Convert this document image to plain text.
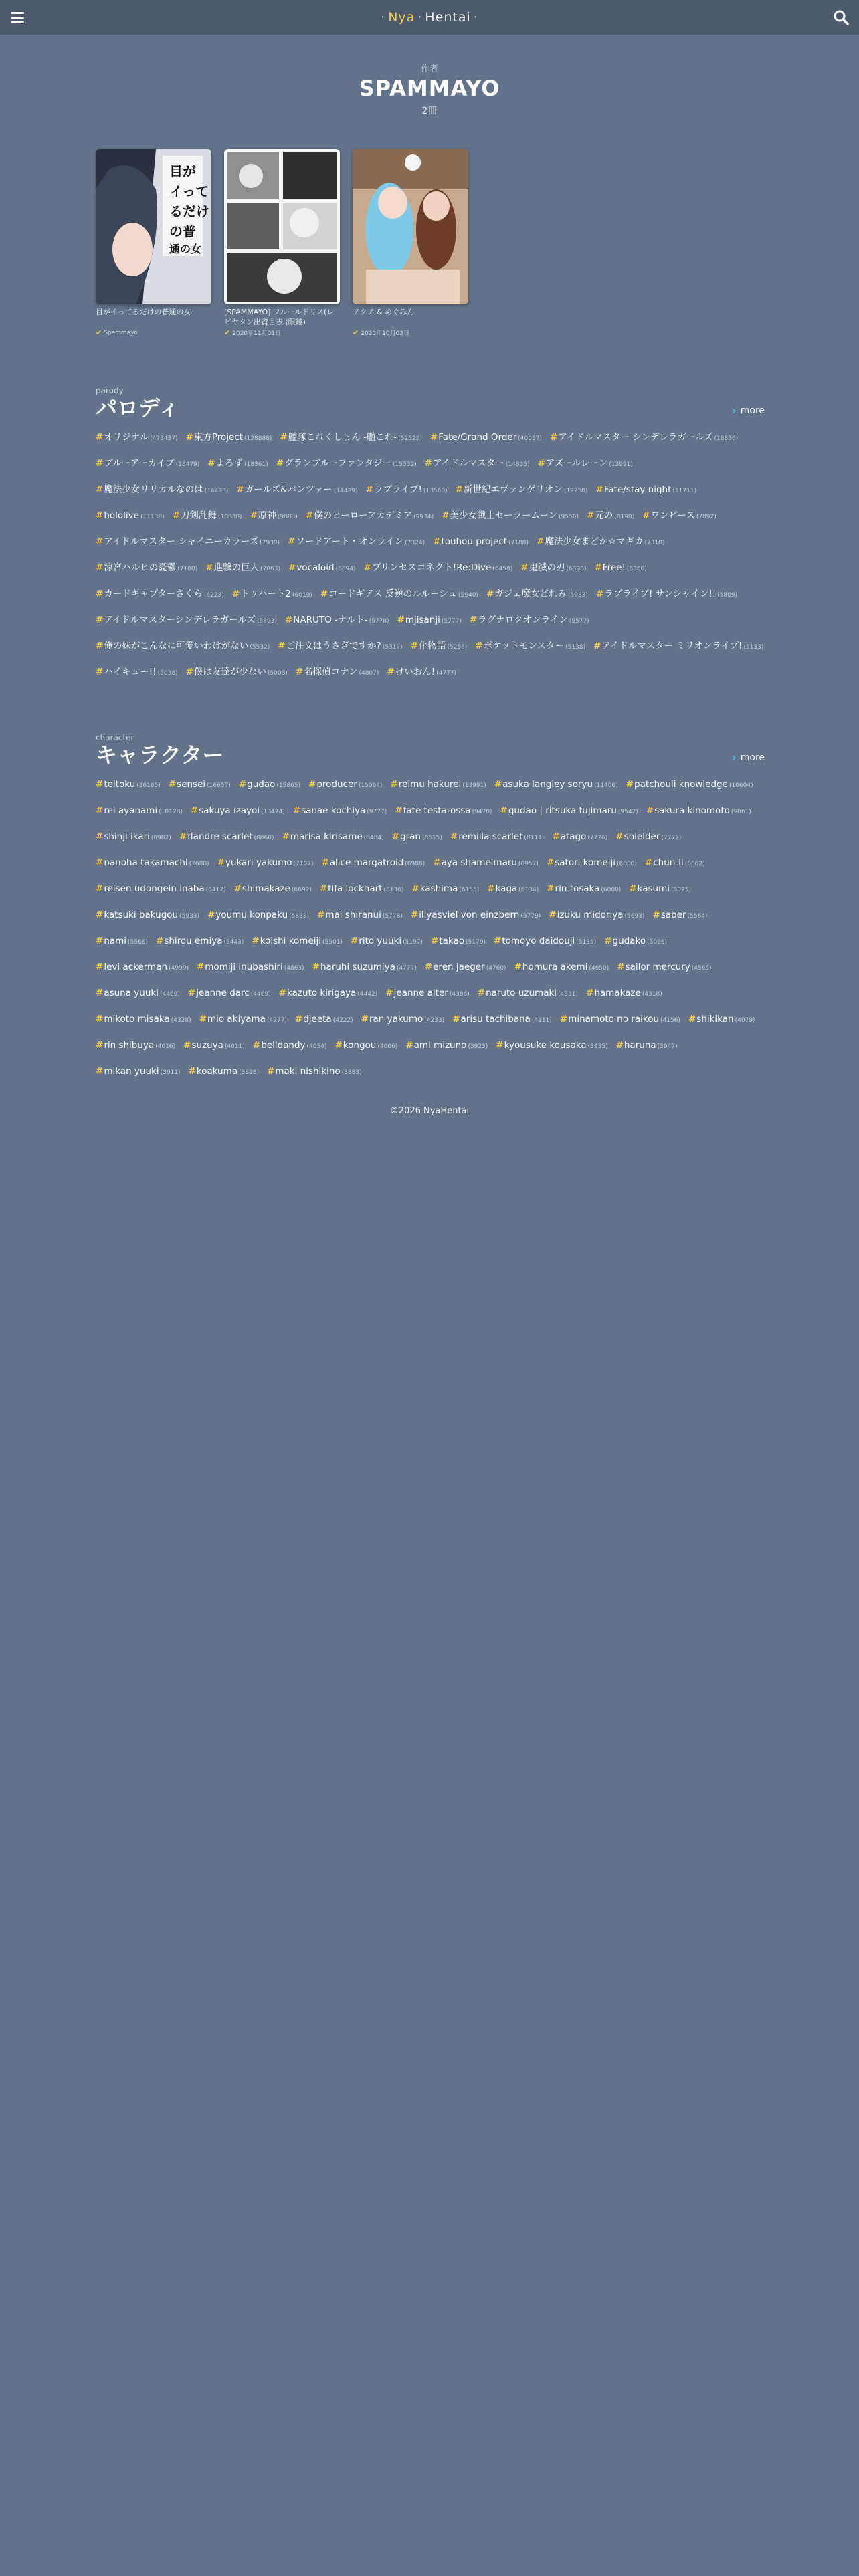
· Nya · Hentai ·
作者
SPAMMAYO
2冊
目が
イって
るだけ
の普
通の女
目がイってるだけの普通の女
✔ Spammayo
[SPAMMAYO] フルールドリス(レビヤタン出資目表 (眼鏡)
✔ 2020年11月01日
アクア & めぐみん
✔ 2020年10月02日
parody
パロディ	› more
#オリジナル (473437) #東方Project (128888) #艦隊これくしょん -艦これ- (52528) #Fate/Grand Order (40057) #アイドルマスター シンデレラガールズ (18836)
#ブルーアーカイブ (18479) #よろず (18361) #グランブルーファンタジー (15332) #アイドルマスター (14835) #アズールレーン (13991)
#魔法少女リリカルなのは (14493) #ガールズ&パンツァー (14429) #ラブライブ! (13560) #新世紀エヴァンゲリオン (12250) #Fate/stay night (11711)
#hololive (11138) #刀剣乱舞 (10838) #原神 (9883) #僕のヒーローアカデミア (9934) #美少女戦士セーラームーン (9550) #元の (8190) #ワンピース (7892)
#アイドルマスター シャイニーカラーズ (7939) #ソードアート・オンライン (7324) #touhou project (7188) #魔法少女まどか☆マギカ (7318)
#涼宮ハルヒの憂鬱 (7100) #進撃の巨人 (7063) #vocaloid (6894) #プリンセスコネクト!Re:Dive (6458) #鬼滅の刃 (6398) #Free! (6360)
#カードキャプターさくら (6228) #トゥハート2 (6019) #コードギアス 反逆のルルーシュ (5940) #ガジェ魔女どれみ (5983) #ラブライブ! サンシャイン!! (5809)
#アイドルマスターシンデレラガールズ (5893) #NARUTO -ナルト- (5778) #mjisanji (5777) #ラグナロクオンライン (5577)
#俺の妹がこんなに可愛いわけがない (5532) #ご注文はうさぎですか? (5317) #化物語 (5258) #ポケットモンスター (5138) #アイドルマスター ミリオンライブ! (5133)
#ハイキュー!! (5038) #僕は友達が少ない (5008) #名探偵コナン (4807) #けいおん! (4777)
character
キャラクター	› more
#teitoku (36185) #sensei (16657) #gudao (15865) #producer (15064) #reimu hakurei (13991) #asuka langley soryu (11406) #patchouli knowledge (10604)
#rei ayanami (10128) #sakuya izayoi (10474) #sanae kochiya (9777) #fate testarossa (9470) #gudao | ritsuka fujimaru (9542) #sakura kinomoto (9061)
#shinji ikari (8982) #flandre scarlet (8860) #marisa kirisame (8484) #gran (8615) #remilia scarlet (8111) #atago (7776) #shielder (7777)
#nanoha takamachi (7688) #yukari yakumo (7107) #alice margatroid (6986) #aya shameimaru (6957) #satori komeiji (6800) #chun-li (6662)
#reisen udongein inaba (6417) #shimakaze (6692) #tifa lockhart (6136) #kashima (6155) #kaga (6134) #rin tosaka (6000) #kasumi (6025)
#katsuki bakugou (5933) #youmu konpaku (5888) #mai shiranui (5778) #illyasviel von einzbern (5779) #izuku midoriya (5693) #saber (5564)
#nami (5566) #shirou emiya (5443) #koishi komeiji (5501) #rito yuuki (5197) #takao (5179) #tomoyo daidouji (5185) #gudako (5066)
#levi ackerman (4999) #momiji inubashiri (4863) #haruhi suzumiya (4777) #eren jaeger (4760) #homura akemi (4650) #sailor mercury (4565)
#asuna yuuki (4469) #jeanne darc (4469) #kazuto kirigaya (4442) #jeanne alter (4386) #naruto uzumaki (4331) #hamakaze (4318)
#mikoto misaka (4328) #mio akiyama (4277) #djeeta (4222) #ran yakumo (4233) #arisu tachibana (4111) #minamoto no raikou (4156) #shikikan (4079)
#rin shibuya (4016) #suzuya (4011) #belldandy (4054) #kongou (4006) #ami mizuno (3923) #kyousuke kousaka (3935) #haruna (3947)
#mikan yuuki (3911) #koakuma (3898) #maki nishikino (3883)
©2026 NyaHentai
